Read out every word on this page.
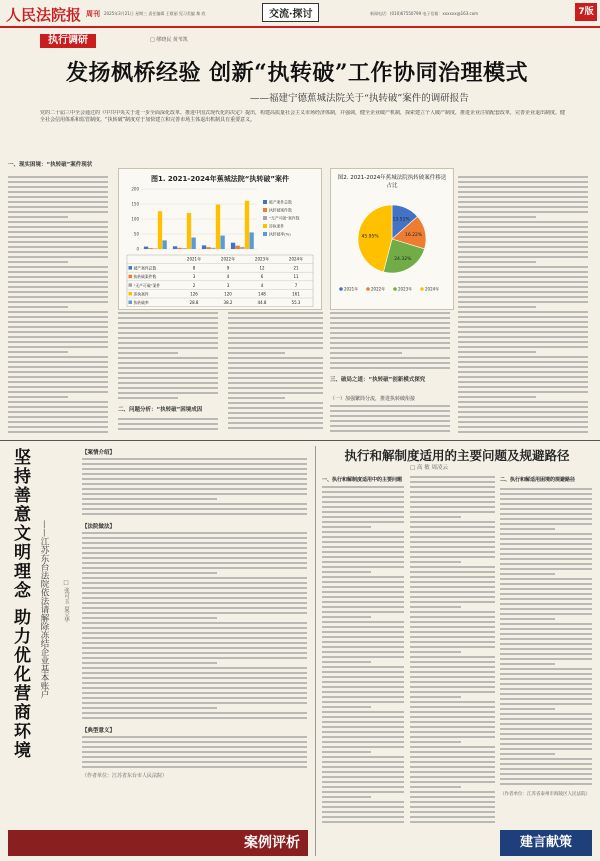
人民法院报 周刊 2025年3月21日 星期三 责任编辑 王敬丽 见习美编 黎 欣	交流·探讨	新闻电话：(010)67550799 电子信箱：xxxxxx@163.com	7版
执行调研	□ 缪晓民 黄苇凯
发扬枫桥经验 创新“执转破”工作协同治理模式
——福建宁德蕉城法院关于“执转破”案件的调研报告
党的二十届三中全会通过的《中共中央关于进一步全面深化改革、推进中国式现代化的决定》提出，构建高质量社会主义市场经济体制，并强调，健全企业破产机制，探索建立个人破产制度，推进企业注销配套改革，完善企业退出制度。健全社会信用体系和监管制度。“执转破”制度对于加快建立和完善市场主体退出机制具有重要意义。
一、现实困境：“执转破”案件现状
二、问题分析：“执转破”困境成因
三、破局之道：“执转破”创新模式探究
（一）加强繁简分流，推进执转破衔接
图1. 2021-2024年蕉城法院“执转破”案件
0
50
100
150
200
破产案件总数
执转破案件数
“无产可破”案件数
涉执案件
执转破率(%)
2021年	2022年	2023年	2024年
破产案件总数	8	9	12	21
执转破案件数	3	4	6	11
“无产可破”案件	2	3	4	7
涉执案件	126	120	148	161
执转破率	28.8	38.2	44.8	55.3
图2. 2021-2024年蕉城法院执转破案件移送
占比
13.51%
16.22%
24.32%
45.95%
2021年	2022年	2023年	2024年
坚持善意文明理念 助力优化营商环境	——江苏东台法院依法请解除冻结企业基本账户	□ 张可玉 夏立华
【案情介绍】
【法院做法】
【典型意义】
（作者单位：江苏省东台市人民法院）
案例评析
执行和解制度适用的主要问题及规避路径
□ 高 敏 周凌云
一、执行和解制度适用中的主要问题	二、执行和解适用困境的规避路径
（作者单位：江苏省泰州市海陵区人民法院）
建言献策
